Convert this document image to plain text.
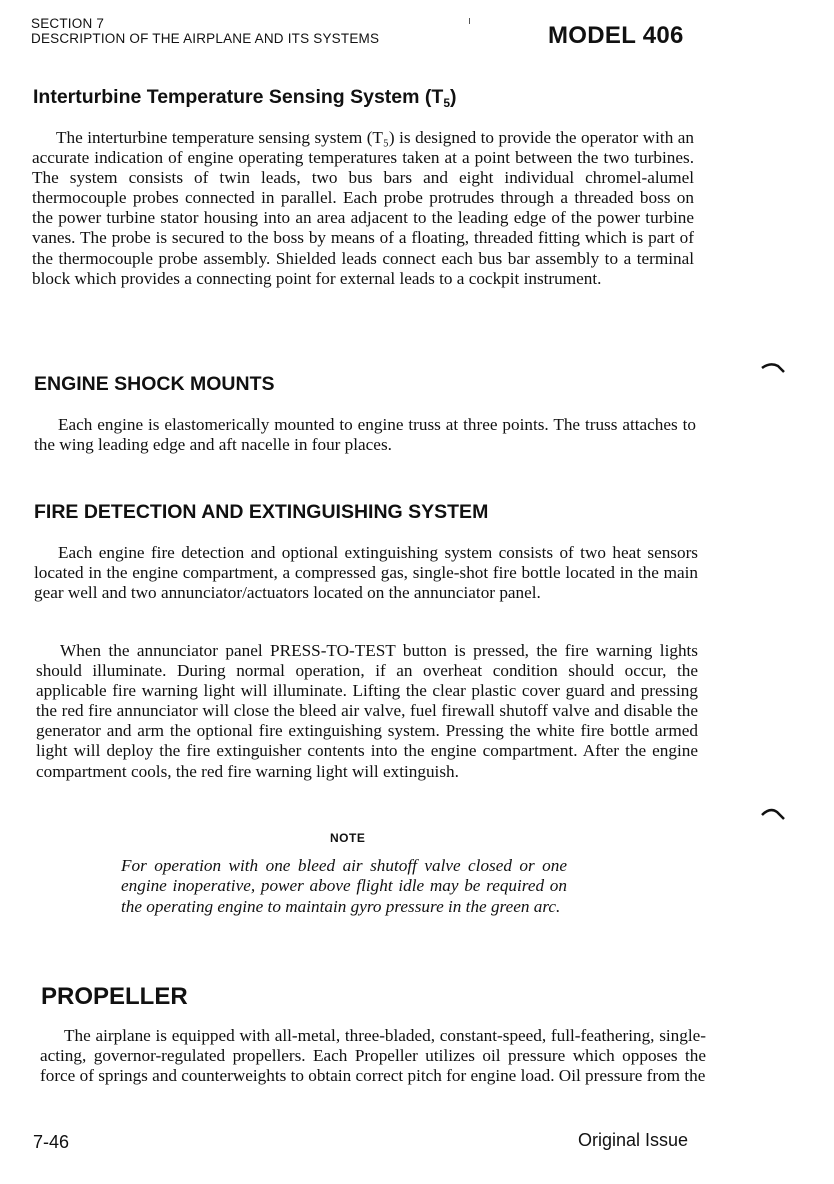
SECTION 7
DESCRIPTION OF THE AIRPLANE AND ITS SYSTEMS	MODEL 406
Interturbine Temperature Sensing System $(T_5)$
The interturbine temperature sensing system (T₅) is designed to provide the operator with an accurate indication of engine operating temperatures taken at a point between the two turbines. The system consists of twin leads, two bus bars and eight individual chromel-alumel thermocouple probes connected in parallel. Each probe protrudes through a threaded boss on the power turbine stator housing into an area adjacent to the leading edge of the power turbine vanes. The probe is secured to the boss by means of a floating, threaded fitting which is part of the thermocouple probe assembly. Shielded leads connect each bus bar assembly to a terminal block which provides a connecting point for external leads to a cockpit instrument.
ENGINE SHOCK MOUNTS
Each engine is elastomerically mounted to engine truss at three points. The truss attaches to the wing leading edge and aft nacelle in four places.
FIRE DETECTION AND EXTINGUISHING SYSTEM
Each engine fire detection and optional extinguishing system consists of two heat sensors located in the engine compartment, a compressed gas, single-shot fire bottle located in the main gear well and two annunciator/actuators located on the annunciator panel.
When the annunciator panel PRESS-TO-TEST button is pressed, the fire warning lights should illuminate. During normal operation, if an overheat condition should occur, the applicable fire warning light will illuminate. Lifting the clear plastic cover guard and pressing the red fire annunciator will close the bleed air valve, fuel firewall shutoff valve and disable the generator and arm the optional fire extinguishing system. Pressing the white fire bottle armed light will deploy the fire extinguisher contents into the engine compartment. After the engine compartment cools, the red fire warning light will extinguish.
NOTE
For operation with one bleed air shutoff valve closed or one engine inoperative, power above flight idle may be required on the operating engine to maintain gyro pressure in the green arc.
PROPELLER
The airplane is equipped with all-metal, three-bladed, constant-speed, full-feathering, single-acting, governor-regulated propellers. Each Propeller utilizes oil pressure which opposes the force of springs and counterweights to obtain correct pitch for engine load. Oil pressure from the
7-46	Original Issue
